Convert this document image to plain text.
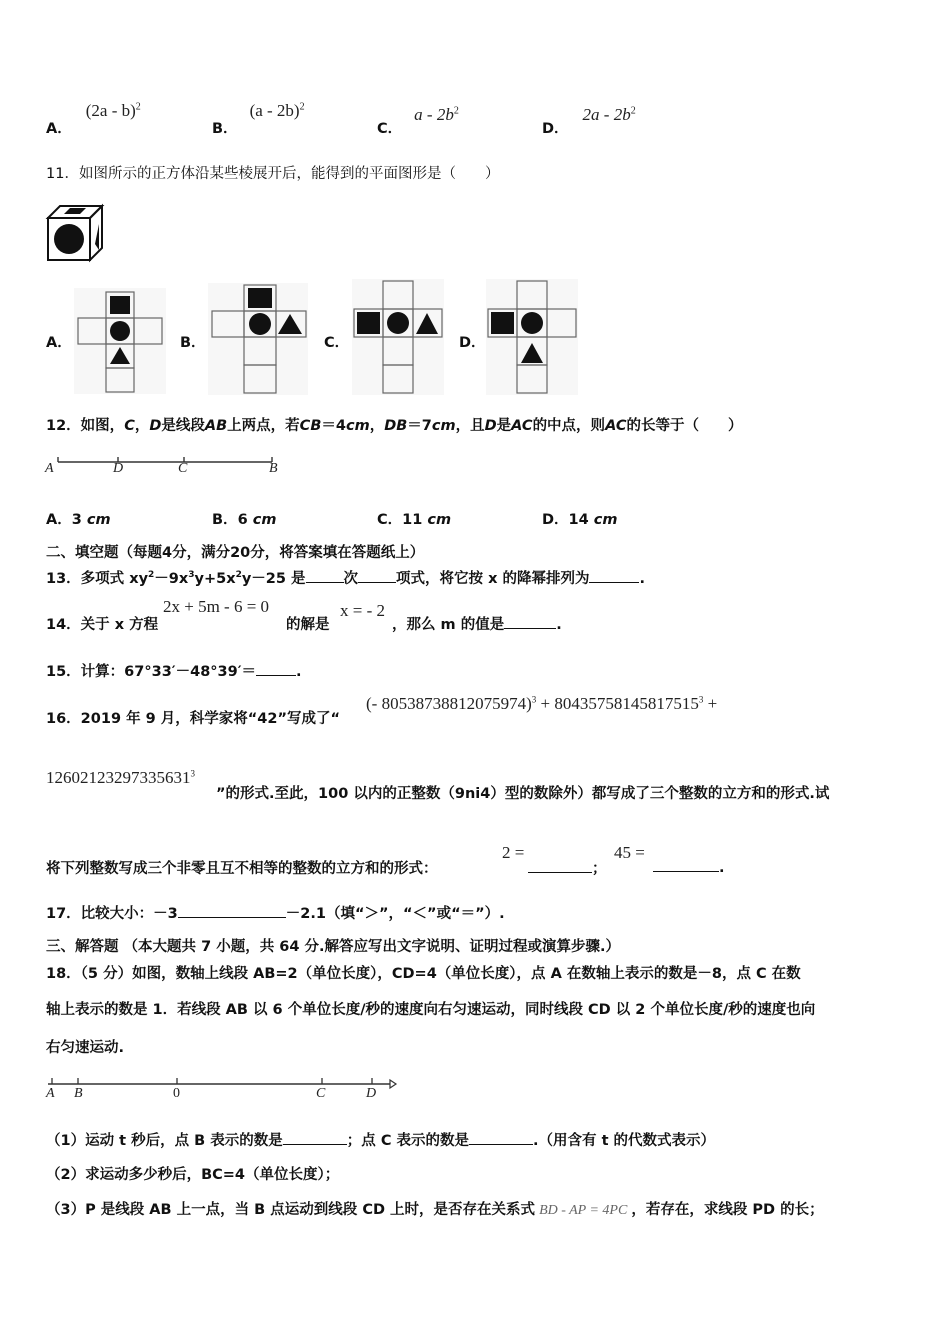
A．(2a - b)$^2$
B．(a - 2b)$^2$
C．a - $2b^2$
D．$2a - 2b^2$
11．如图所示的正方体沿某些棱展开后，能得到的平面图形是（　　）
A．	B．	C．	D．
12．如图，C，D是线段AB上两点，若CB＝4cm，DB＝7cm，且D是AC的中点，则AC的长等于（　　）
A	D	C	B
A．3 cm	B．6 cm	C．11 cm	D．14 cm
二、填空题（每题4分，满分20分，将答案填在答题纸上）
13．多项式 $xy^2-9x^3y+5x^2y-25$ 是	次	项式，将它按 x 的降幂排列为	.
14．关于 x 方程
2x + 5m - 6 = 0
的解是
x = - 2
，那么 m 的值是	.
15．计算：67°33′－48°39′＝	.
16．2019 年 9 月，科学家将“42”写成了“
(- $80538738812075974)^3 + 80435758145817515^3$ +
$12602123297335631^3$
”的形式.至此，100 以内的正整数（9ni4）型的数除外）都写成了三个整数的立方和的形式.试
将下列整数写成三个非零且互不相等的整数的立方和的形式：
2 =
；
45 =
.
17．比较大小：－3	－2.1（填“＞”，“＜”或“＝”）.
三、解答题 （本大题共 7 小题，共 64 分.解答应写出文字说明、证明过程或演算步骤.）
18．（5 分）如图，数轴上线段 AB=2（单位长度），CD=4（单位长度），点 A 在数轴上表示的数是－8，点 C 在数
轴上表示的数是 1．若线段 AB 以 6 个单位长度/秒的速度向右匀速运动，同时线段 CD 以 2 个单位长度/秒的速度也向
右匀速运动.
A B	0	C	D
（1）运动 t 秒后，点 B 表示的数是	；点 C 表示的数是	.（用含有 t 的代数式表示）
（2）求运动多少秒后，BC=4（单位长度）；
（3）P 是线段 AB 上一点，当 B 点运动到线段 CD 上时，是否存在关系式 BD - AP = 4PC ，若存在，求线段 PD 的长；
